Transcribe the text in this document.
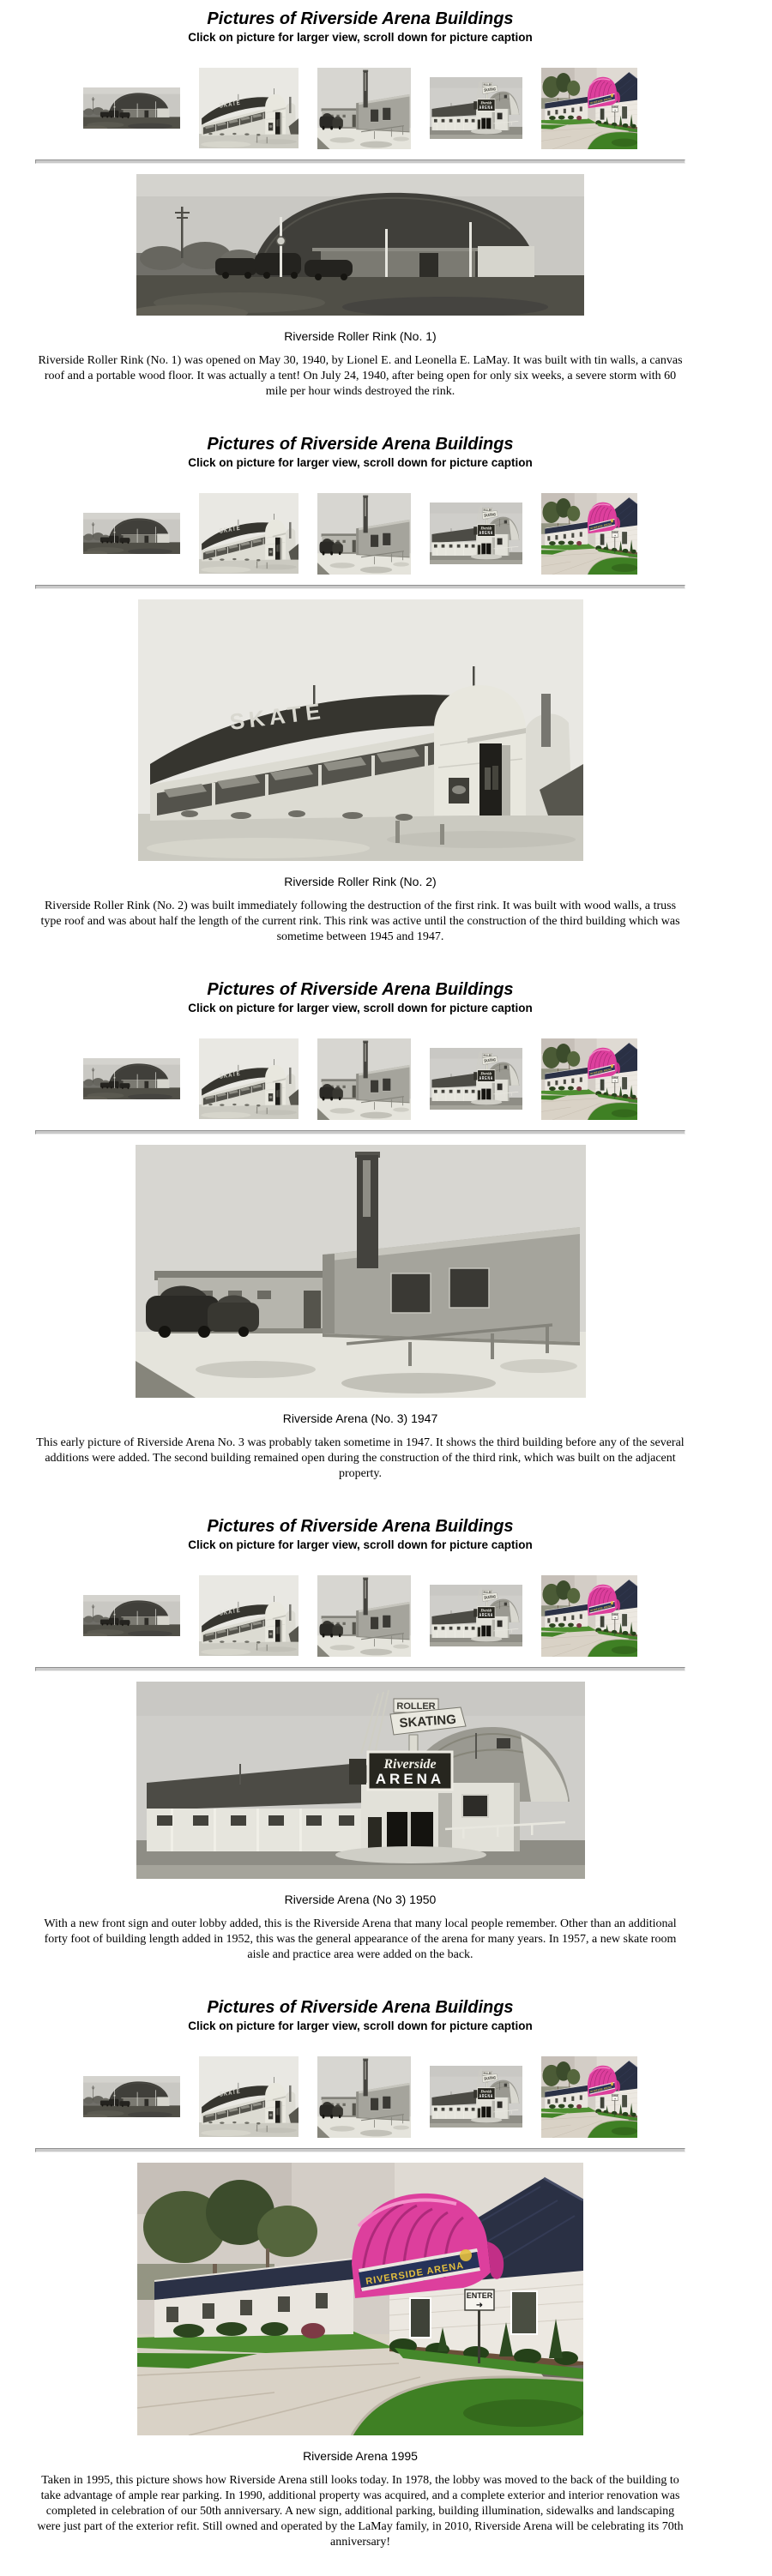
Pictures of Riverside Arena Buildings
Click on picture for larger view, scroll down for picture caption
Riverside Roller Rink (No. 1)

Riverside Roller Rink (No. 1) was opened on May 30, 1940, by Lionel E. and Leonella E. LaMay. It was built with tin walls, a canvas roof and a portable wood floor. It was actually a tent! On July 24, 1940, after being open for only six weeks, a severe storm with 60 mile per hour winds destroyed the rink.

Pictures of Riverside Arena Buildings
Click on picture for larger view, scroll down for picture caption
Riverside Roller Rink (No. 2)

Riverside Roller Rink (No. 2) was built immediately following the destruction of the first rink. It was built with wood walls, a truss type roof and was about half the length of the current rink. This rink was active until the construction of the third building which was sometime between 1945 and 1947.

Pictures of Riverside Arena Buildings
Click on picture for larger view, scroll down for picture caption
Riverside Arena (No. 3) 1947

This early picture of Riverside Arena No. 3 was probably taken sometime in 1947. It shows the third building before any of the several additions were added. The second building remained open during the construction of the third rink, which was built on the adjacent property.

Pictures of Riverside Arena Buildings
Click on picture for larger view, scroll down for picture caption
Riverside Arena (No 3) 1950

With a new front sign and outer lobby added, this is the Riverside Arena that many local people remember. Other than an additional forty foot of building length added in 1952, this was the general appearance of the arena for many years. In 1957, a new skate room aisle and practice area were added on the back.

Pictures of Riverside Arena Buildings
Click on picture for larger view, scroll down for picture caption
Riverside Arena 1995

Taken in 1995, this picture shows how Riverside Arena still looks today. In 1978, the lobby was moved to the back of the building to take advantage of ample rear parking. In 1990, additional property was acquired, and a complete exterior and interior renovation was completed in celebration of our 50th anniversary. A new sign, additional parking, building illumination, sidewalks and landscaping were just part of the exterior refit. Still owned and operated by the LaMay family, in 2010, Riverside Arena will be celebrating its 70th anniversary!
